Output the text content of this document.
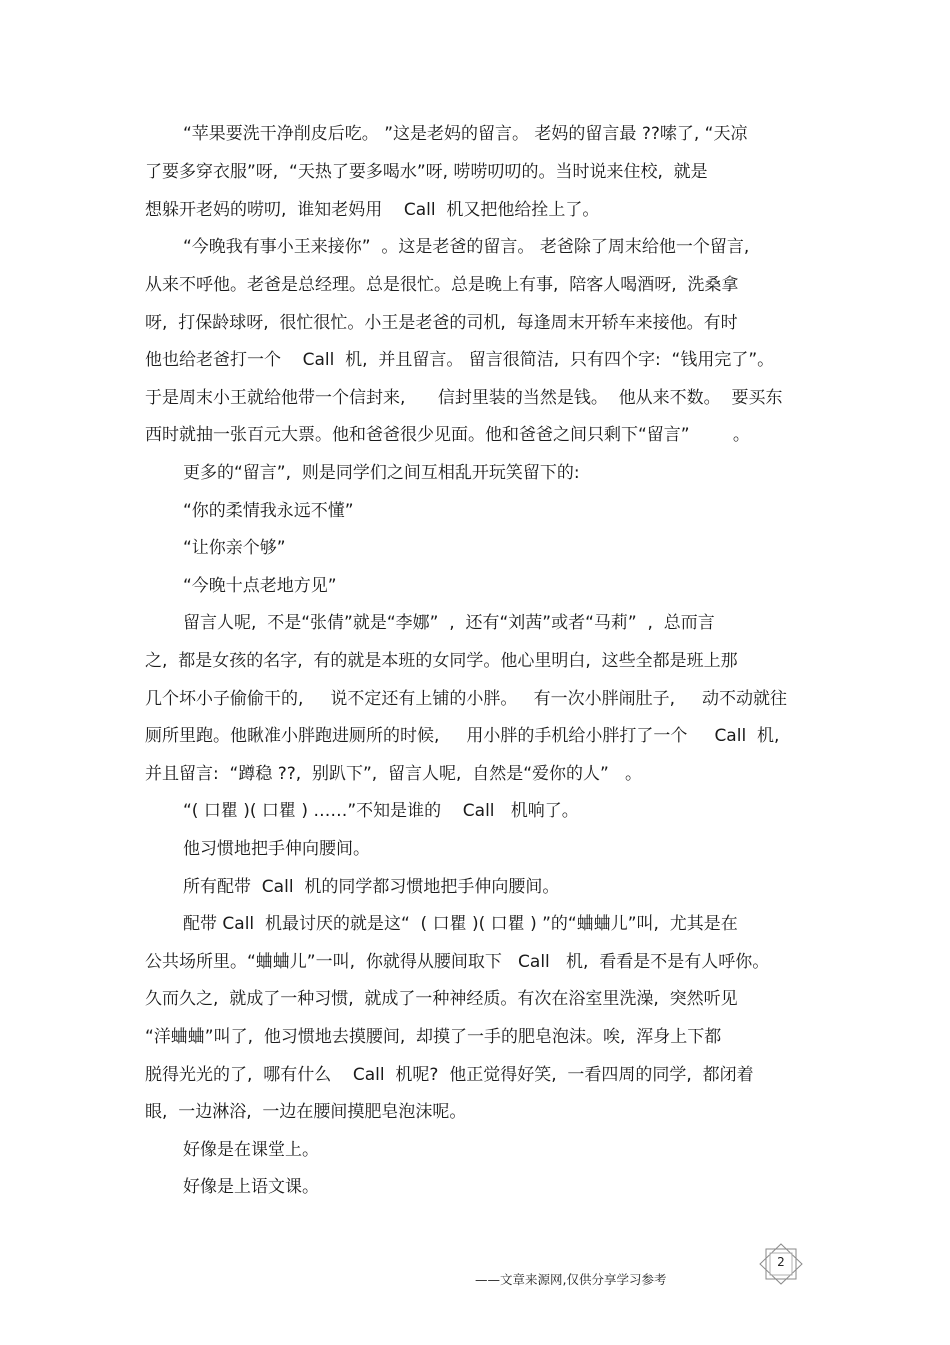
“苹果要洗干净削皮后吃。 ”这是老妈的留言。 老妈的留言最 ??嗦了, “天凉
了要多穿衣服”呀,  “天热了要多喝水”呀, 唠唠叨叨的。当时说来住校,  就是
想躲开老妈的唠叨,  谁知老妈用    Call  机又把他给拴上了。
“今晚我有事小王来接你”  。这是老爸的留言。 老爸除了周末给他一个留言,
从来不呼他。老爸是总经理。总是很忙。总是晚上有事,  陪客人喝酒呀,  洗桑拿
呀,  打保龄球呀,  很忙很忙。小王是老爸的司机,  每逢周末开轿车来接他。有时
他也给老爸打一个    Call  机,  并且留言。 留言很简洁,  只有四个字:  “钱用完了”。
于是周末小王就给他带一个信封来,      信封里装的当然是钱。  他从来不数。  要买东
西时就抽一张百元大票。他和爸爸很少见面。他和爸爸之间只剩下“留言”        。
更多的“留言”,  则是同学们之间互相乱开玩笑留下的:
“你的柔情我永远不懂”
“让你亲个够”
“今晚十点老地方见”
留言人呢,  不是“张倩”就是“李娜”  ,  还有“刘茜”或者“马莉”  ,  总而言
之,  都是女孩的名字,  有的就是本班的女同学。他心里明白,  这些全都是班上那
几个坏小子偷偷干的,     说不定还有上铺的小胖。   有一次小胖闹肚子,     动不动就往
厕所里跑。他瞅准小胖跑进厕所的时候,     用小胖的手机给小胖打了一个     Call  机,
并且留言:  “蹲稳 ??,  别趴下”,  留言人呢,  自然是“爱你的人”   。
“( 口瞿 )( 口瞿 ) ……”不知是谁的    Call   机响了。
他习惯地把手伸向腰间。
所有配带  Call  机的同学都习惯地把手伸向腰间。
配带 Call  机最讨厌的就是这“  ( 口瞿 )( 口瞿 ) ”的“蛐蛐儿”叫,  尤其是在
公共场所里。“蛐蛐儿”一叫,  你就得从腰间取下   Call   机,  看看是不是有人呼你。
久而久之,  就成了一种习惯,  就成了一种神经质。有次在浴室里洗澡,  突然听见
“洋蛐蛐”叫了,  他习惯地去摸腰间,  却摸了一手的肥皂泡沫。唉,  浑身上下都
脱得光光的了,  哪有什么    Call  机呢?  他正觉得好笑,  一看四周的同学,  都闭着
眼,  一边淋浴,  一边在腰间摸肥皂泡沫呢。
好像是在课堂上。
好像是上语文课。
——文章来源网,仅供分享学习参考
2
